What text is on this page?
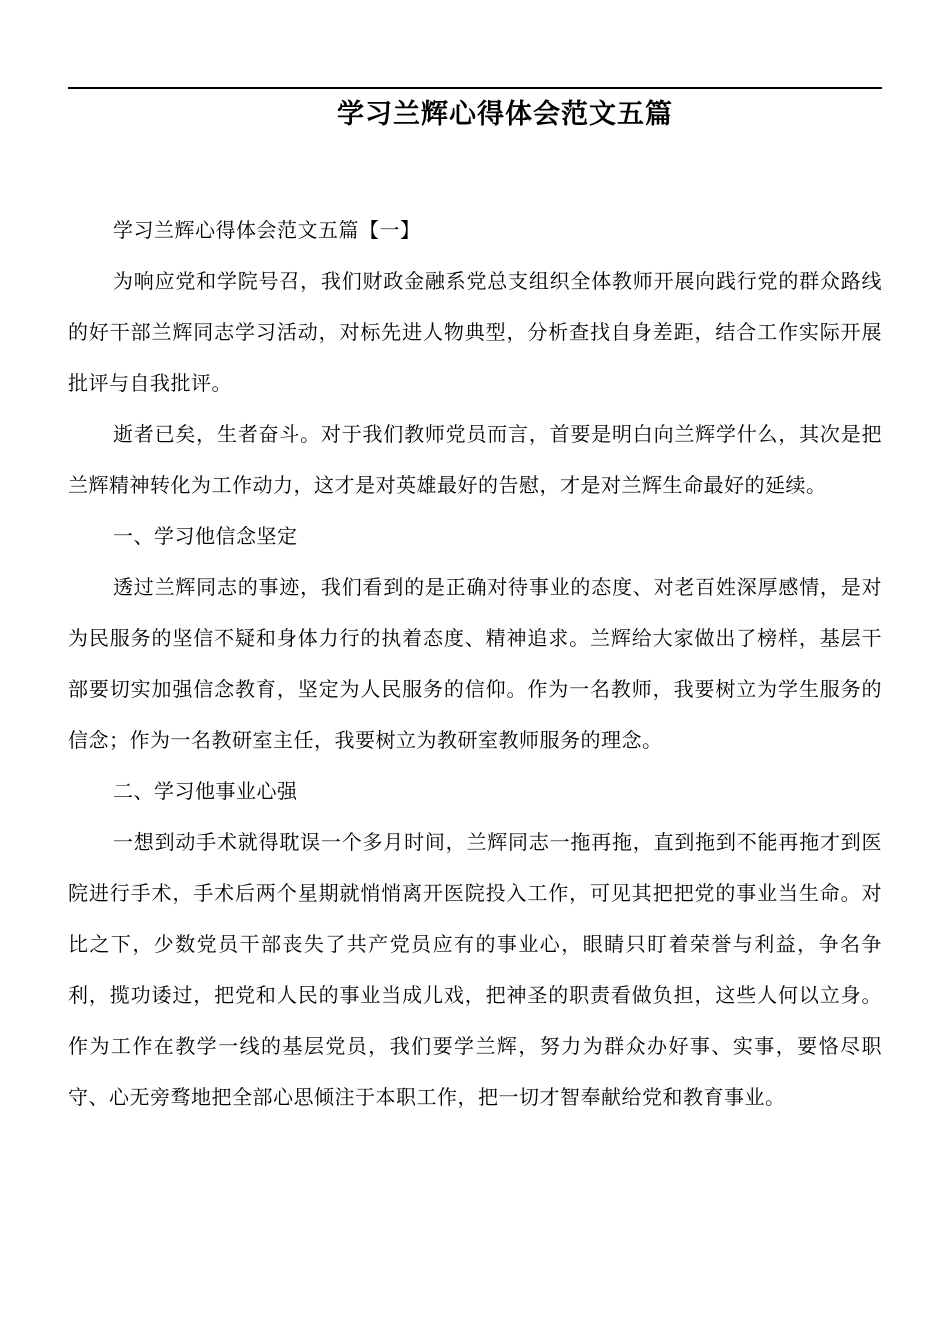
学习兰辉心得体会范文五篇

学习兰辉心得体会范文五篇【一】

为响应党和学院号召，我们财政金融系党总支组织全体教师开展向践行党的群众路线的好干部兰辉同志学习活动，对标先进人物典型，分析查找自身差距，结合工作实际开展批评与自我批评。

逝者已矣，生者奋斗。对于我们教师党员而言，首要是明白向兰辉学什么，其次是把兰辉精神转化为工作动力，这才是对英雄最好的告慰，才是对兰辉生命最好的延续。

一、学习他信念坚定

透过兰辉同志的事迹，我们看到的是正确对待事业的态度、对老百姓深厚感情，是对为民服务的坚信不疑和身体力行的执着态度、精神追求。兰辉给大家做出了榜样，基层干部要切实加强信念教育，坚定为人民服务的信仰。作为一名教师，我要树立为学生服务的信念；作为一名教研室主任，我要树立为教研室教师服务的理念。

二、学习他事业心强

一想到动手术就得耽误一个多月时间，兰辉同志一拖再拖，直到拖到不能再拖才到医院进行手术，手术后两个星期就悄悄离开医院投入工作，可见其把把党的事业当生命。对比之下，少数党员干部丧失了共产党员应有的事业心，眼睛只盯着荣誉与利益，争名争利，揽功诿过，把党和人民的事业当成儿戏，把神圣的职责看做负担，这些人何以立身。作为工作在教学一线的基层党员，我们要学兰辉，努力为群众办好事、实事，要恪尽职守、心无旁骛地把全部心思倾注于本职工作，把一切才智奉献给党和教育事业。
